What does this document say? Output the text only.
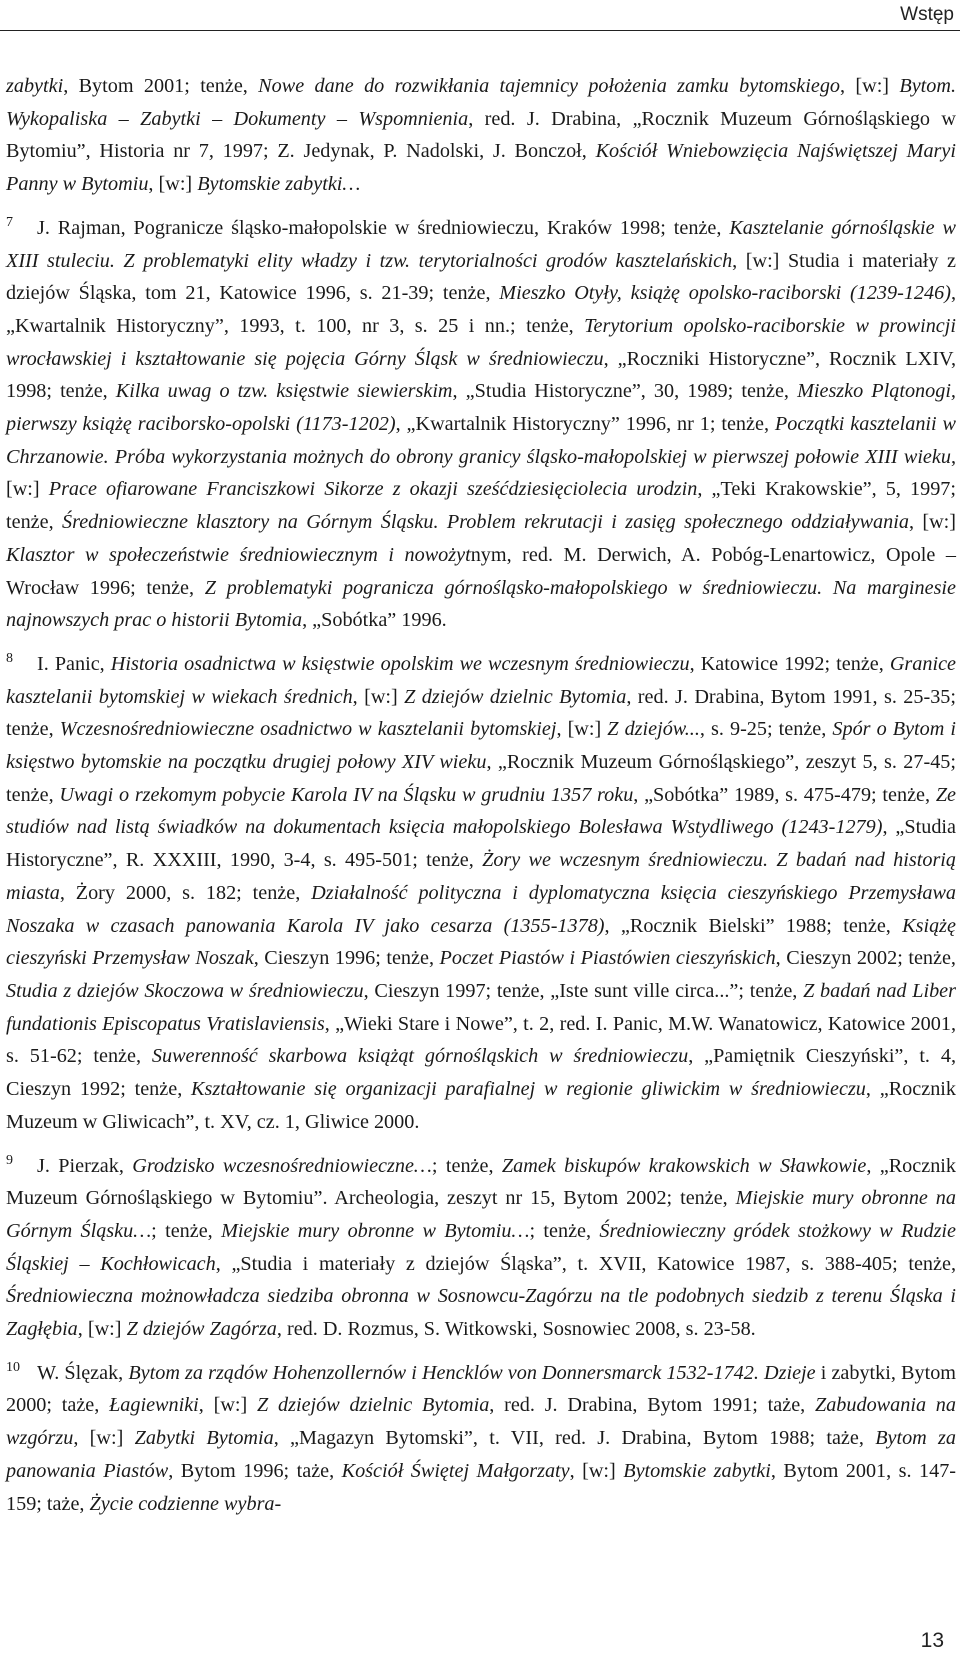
Wstęp

zabytki, Bytom 2001; tenże, Nowe dane do rozwikłania tajemnicy położenia zamku bytomskiego, [w:] Bytom. Wykopaliska – Zabytki – Dokumenty – Wspomnienia, red. J. Drabina, „Rocznik Muzeum Górnośląskiego w Bytomiu”, Historia nr 7, 1997; Z. Jedynak, P. Nadolski, J. Bonczoł, Kościół Wniebowzięcia Najświętszej Maryi Panny w Bytomiu, [w:] Bytomskie zabytki…

7 J. Rajman, Pogranicze śląsko-małopolskie w średniowieczu, Kraków 1998; tenże, Kasztelanie górnośląskie w XIII stuleciu. Z problematyki elity władzy i tzw. terytorialności grodów kasztelańskich, [w:] Studia i materiały z dziejów Śląska, tom 21, Katowice 1996, s. 21-39; tenże, Mieszko Otyły, książę opolsko-raciborski (1239-1246), „Kwartalnik Historyczny”, 1993, t. 100, nr 3, s. 25 i nn.; tenże, Terytorium opolsko-raciborskie w prowincji wrocławskiej i kształtowanie się pojęcia Górny Śląsk w średniowieczu, „Roczniki Historyczne”, Rocznik LXIV, 1998; tenże, Kilka uwag o tzw. księstwie siewierskim, „Studia Historyczne”, 30, 1989; tenże, Mieszko Plątonogi, pierwszy książę raciborsko-opolski (1173-1202), „Kwartalnik Historyczny” 1996, nr 1; tenże, Początki kasztelanii w Chrzanowie. Próba wykorzystania możnych do obrony granicy śląsko-małopolskiej w pierwszej połowie XIII wieku, [w:] Prace ofiarowane Franciszkowi Sikorze z okazji sześćdziesięciolecia urodzin, „Teki Krakowskie”, 5, 1997; tenże, Średniowieczne klasztory na Górnym Śląsku. Problem rekrutacji i zasięg społecznego oddziaływania, [w:] Klasztor w społeczeństwie średniowiecznym i nowożytnym, red. M. Derwich, A. Pobóg-Lenartowicz, Opole – Wrocław 1996; tenże, Z problematyki pogranicza górnośląsko-małopolskiego w średniowieczu. Na marginesie najnowszych prac o historii Bytomia, „Sobótka” 1996.

8 I. Panic, Historia osadnictwa w księstwie opolskim we wczesnym średniowieczu, Katowice 1992; tenże, Granice kasztelanii bytomskiej w wiekach średnich, [w:] Z dziejów dzielnic Bytomia, red. J. Drabina, Bytom 1991, s. 25-35; tenże, Wczesnośredniowieczne osadnictwo w kasztelanii bytomskiej, [w:] Z dziejów..., s. 9-25; tenże, Spór o Bytom i księstwo bytomskie na początku drugiej połowy XIV wieku, „Rocznik Muzeum Górnośląskiego”, zeszyt 5, s. 27-45; tenże, Uwagi o rzekomym pobycie Karola IV na Śląsku w grudniu 1357 roku, „Sobótka” 1989, s. 475-479; tenże, Ze studiów nad listą świadków na dokumentach księcia małopolskiego Bolesława Wstydliwego (1243-1279), „Studia Historyczne”, R. XXXIII, 1990, 3-4, s. 495-501; tenże, Żory we wczesnym średniowieczu. Z badań nad historią miasta, Żory 2000, s. 182; tenże, Działalność polityczna i dyplomatyczna księcia cieszyńskiego Przemysława Noszaka w czasach panowania Karola IV jako cesarza (1355-1378), „Rocznik Bielski” 1988; tenże, Książę cieszyński Przemysław Noszak, Cieszyn 1996; tenże, Poczet Piastów i Piastówien cieszyńskich, Cieszyn 2002; tenże, Studia z dziejów Skoczowa w średniowieczu, Cieszyn 1997; tenże, „Iste sunt ville circa...”; tenże, Z badań nad Liber fundationis Episcopatus Vratislaviensis, „Wieki Stare i Nowe”, t. 2, red. I. Panic, M.W. Wanatowicz, Katowice 2001, s. 51-62; tenże, Suwerenność skarbowa książąt górnośląskich w średniowieczu, „Pamiętnik Cieszyński”, t. 4, Cieszyn 1992; tenże, Kształtowanie się organizacji parafialnej w regionie gliwickim w średniowieczu, „Rocznik Muzeum w Gliwicach”, t. XV, cz. 1, Gliwice 2000.

9 J. Pierzak, Grodzisko wczesnośredniowieczne…; tenże, Zamek biskupów krakowskich w Sławkowie, „Rocznik Muzeum Górnośląskiego w Bytomiu”. Archeologia, zeszyt nr 15, Bytom 2002; tenże, Miejskie mury obronne na Górnym Śląsku…; tenże, Miejskie mury obronne w Bytomiu…; tenże, Średniowieczny gródek stożkowy w Rudzie Śląskiej – Kochłowicach, „Studia i materiały z dziejów Śląska”, t. XVII, Katowice 1987, s. 388-405; tenże, Średniowieczna możnowładcza siedziba obronna w Sosnowcu-Zagórzu na tle podobnych siedzib z terenu Śląska i Zagłębia, [w:] Z dziejów Zagórza, red. D. Rozmus, S. Witkowski, Sosnowiec 2008, s. 23-58.

10 W. Ślęzak, Bytom za rządów Hohenzollernów i Hencklów von Donnersmarck 1532-1742. Dzieje i zabytki, Bytom 2000; taże, Łagiewniki, [w:] Z dziejów dzielnic Bytomia, red. J. Drabina, Bytom 1991; taże, Zabudowania na wzgórzu, [w:] Zabytki Bytomia, „Magazyn Bytomski”, t. VII, red. J. Drabina, Bytom 1988; taże, Bytom za panowania Piastów, Bytom 1996; taże, Kościół Świętej Małgorzaty, [w:] Bytomskie zabytki, Bytom 2001, s. 147-159; taże, Życie codzienne wybra-

13
